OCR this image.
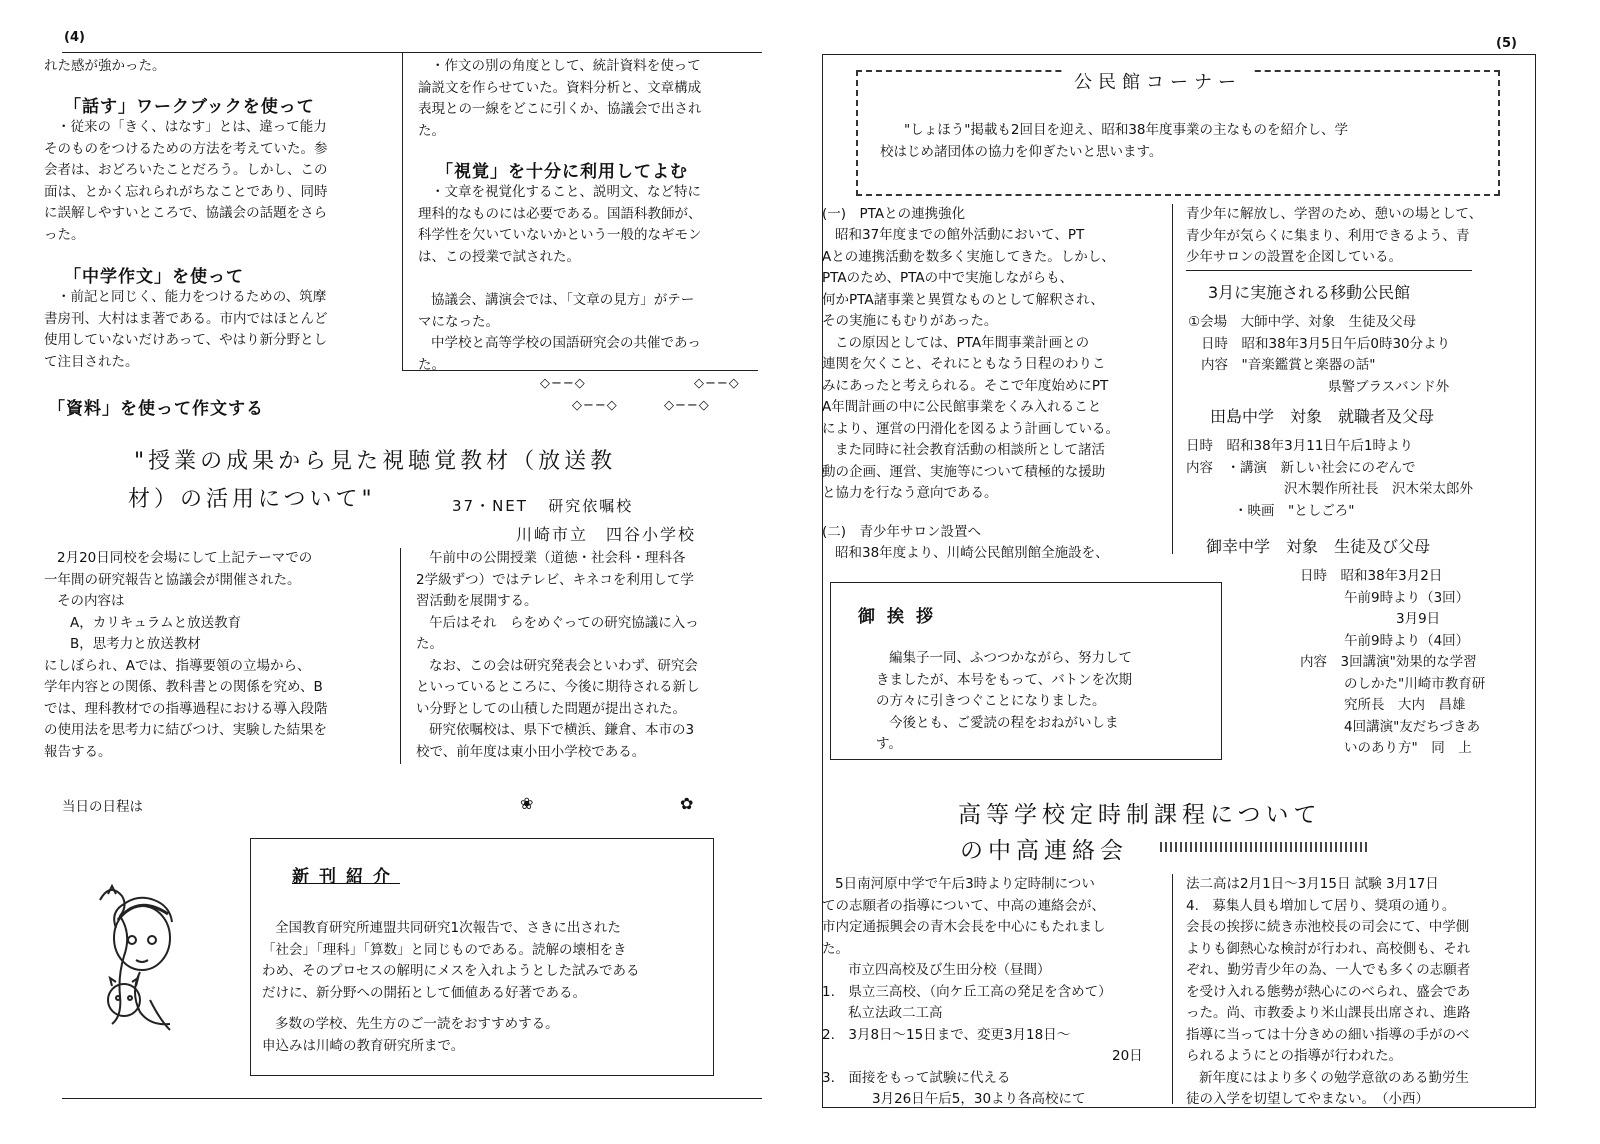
(4)
れた感が強かった。
「話す」ワークブックを使って
・従来の「きく、はなす」とは、違って能力
そのものをつけるための方法を考えていた。参
会者は、おどろいたことだろう。しかし、この
面は、とかく忘れられがちなことであり、同時
に誤解しやすいところで、協議会の話題をさら
った。
「中学作文」を使って
・前記と同じく、能力をつけるための、筑摩
書房刊、大村はま著である。市内ではほとんど
使用していないだけあって、やはり新分野とし
て注目された。
・作文の別の角度として、統計資料を使って
論説文を作らせていた。資料分析と、文章構成
表現との一線をどこに引くか、協議会で出され
た。
「視覚」を十分に利用してよむ
・文章を視覚化すること、説明文、など特に
理科的なものには必要である。国語科教師が、
科学性を欠いていないかという一般的なギモン
は、この授業で試された。
協議会、講演会では、「文章の見方」がテー
マになった。
中学校と高等学校の国語研究会の共催であっ
た。
◇−−◇	◇−−◇
◇−−◇	◇−−◇
「資料」を使って作文する
"授業の成果から見た視聴覚教材（放送教
材）の活用について"	37・NET 研究依嘱校
川崎市立　四谷小学校
2月20日同校を会場にして上記テーマでの
一年間の研究報告と協議会が開催された。
その内容は
A，カリキュラムと放送教育
B，思考力と放送教材
にしぼられ、Aでは、指導要領の立場から、
学年内容との関係、教科書との関係を究め、B
では、理科教材での指導過程における導入段階
の使用法を思考力に結びつけ、実験した結果を
報告する。
午前中の公開授業（道徳・社会科・理科各
2学級ずつ）ではテレビ、キネコを利用して学
習活動を展開する。
午后はそれ　らをめぐっての研究協議に入っ
た。
なお、この会は研究発表会といわず、研究会
といっているところに、今後に期待される新し
い分野としての山積した問題が提出された。
研究依嘱校は、県下で横浜、鎌倉、本市の3
校で、前年度は東小田小学校である。
当日の日程は	❀	✿
新刊紹介
全国教育研究所連盟共同研究1次報告で、さきに出された
「社会」「理科」「算数」と同じものである。読解の壊相をき
わめ、そのプロセスの解明にメスを入れようとした試みである
だけに、新分野への開拓として価値ある好著である。
多数の学校、先生方のご一読をおすすめする。
申込みは川崎の教育研究所まで。
(5)
公民館コーナー
"しょほう"掲載も2回目を迎え、昭和38年度事業の主なものを紹介し、学
校はじめ諸団体の協力を仰ぎたいと思います。
(一)　PTAとの連携強化
昭和37年度までの館外活動において、PT
Aとの連携活動を数多く実施してきた。しかし、
PTAのため、PTAの中で実施しながらも、
何かPTA諸事業と異質なものとして解釈され、
その実施にもむりがあった。
この原因としては、PTA年間事業計画との
連関を欠くこと、それにともなう日程のわりこ
みにあったと考えられる。そこで年度始めにPT
A年間計画の中に公民館事業をくみ入れること
により、運営の円滑化を図るよう計画している。
また同時に社会教育活動の相談所として諸活
動の企画、運営、実施等について積極的な援助
と協力を行なう意向である。
(二)　青少年サロン設置へ
昭和38年度より、川崎公民館別館全施設を、
青少年に解放し、学習のため、憩いの場として、
青少年が気らくに集まり、利用できるよう、青
少年サロンの設置を企図している。
御挨拶
編集子一同、ふつつかながら、努力して
きましたが、本号をもって、バトンを次期
の方々に引きつぐことになりました。
今後とも、ご愛読の程をおねがいしま
す。
3月に実施される移動公民館
①会場　大師中学、対象　生徒及父母
日時　昭和38年3月5日午后0時30分より
内容　"音楽鑑賞と楽器の話"
県警ブラスバンド外
田島中学　対象　就職者及父母
日時　昭和38年3月11日午后1時より
内容　・講演　新しい社会にのぞんで
沢木製作所社長　沢木栄太郎外
・映画　"としごろ"
御幸中学　対象　生徒及び父母
日時　昭和38年3月2日
午前9時より（3回）
3月9日
午前9時より（4回）
内容　3回講演"効果的な学習
のしかた"川崎市教育研
究所長　大内　昌雄
4回講演"友だちづきあ
いのあり方"　同　上
高等学校定時制課程について
の中高連絡会
5日南河原中学で午后3時より定時制につい
ての志願者の指導について、中高の連絡会が、
市内定通振興会の青木会長を中心にもたれまし
た。
市立四高校及び生田分校（昼間）
1.　県立三高校、（向ケ丘工高の発足を含めて）
私立法政二工高
2.　3月8日〜15日まで、変更3月18日〜
20日
3.　面接をもって試験に代える
3月26日午后5，30より各高校にて
法二高は2月1日〜3月15日 試験 3月17日
4.　募集人員も増加して居り、奨項の通り。
会長の挨拶に続き赤池校長の司会にて、中学側
よりも御熱心な検討が行われ、高校側も、それ
ぞれ、勤労青少年の為、一人でも多くの志願者
を受け入れる態勢が熱心にのべられ、盛会であ
った。尚、市教委より米山課長出席され、進路
指導に当っては十分きめの細い指導の手がのべ
られるようにとの指導が行われた。
新年度にはより多くの勉学意欲のある勤労生
徒の入学を切望してやまない。　（小西）
